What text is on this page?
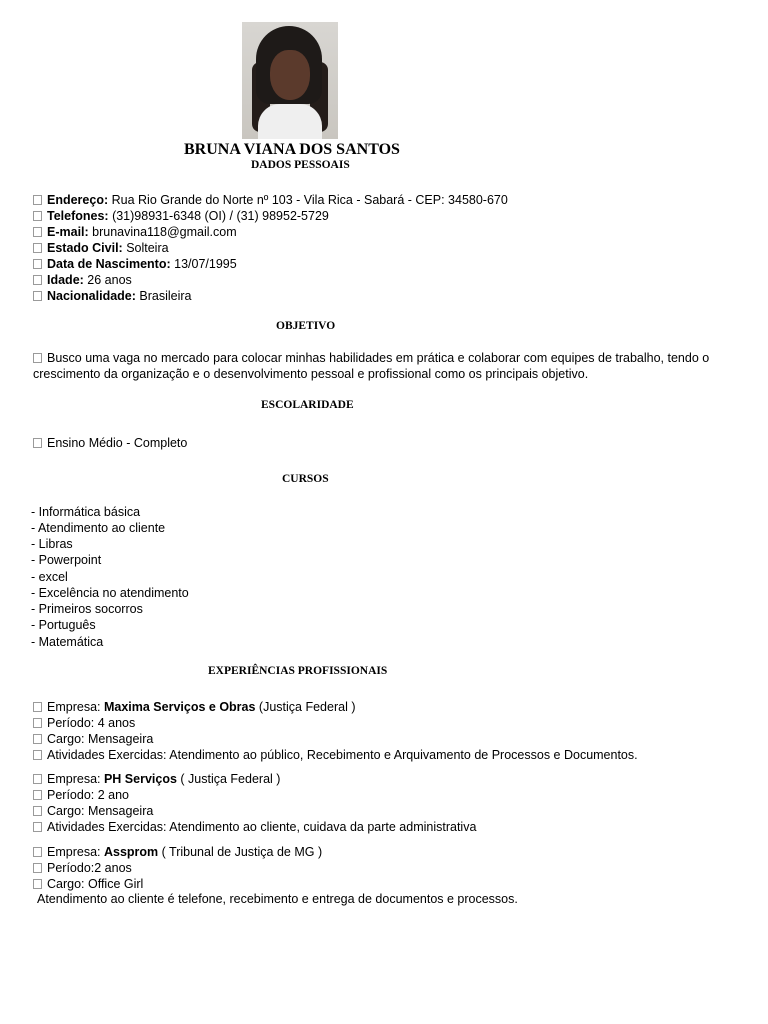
BRUNA VIANA DOS SANTOS
DADOS PESSOAIS
Endereço: Rua Rio Grande do Norte nº 103 - Vila Rica - Sabará - CEP: 34580-670
Telefones: (31)98931-6348 (OI) / (31) 98952-5729
E-mail: brunavina118@gmail.com
Estado Civil: Solteira
Data de Nascimento: 13/07/1995
Idade: 26 anos
Nacionalidade: Brasileira
OBJETIVO
Busco uma vaga no mercado para colocar minhas habilidades em prática e colaborar com equipes de trabalho, tendo o crescimento da organização e o desenvolvimento pessoal e profissional como os principais objetivo.
ESCOLARIDADE
Ensino Médio - Completo
CURSOS
- Informática básica
- Atendimento ao cliente
- Libras
- Powerpoint
- excel
- Excelência no atendimento
- Primeiros socorros
- Português
- Matemática
EXPERIÊNCIAS PROFISSIONAIS
Empresa: Maxima Serviços e Obras (Justiça Federal )
Período: 4 anos
Cargo: Mensageira
Atividades Exercidas: Atendimento ao público, Recebimento e Arquivamento de Processos e Documentos.
Empresa: PH Serviços ( Justiça Federal )
Período: 2 ano
Cargo: Mensageira
Atividades Exercidas: Atendimento ao cliente, cuidava da parte administrativa
Empresa: Assprom ( Tribunal de Justiça de MG )
Período:2 anos
Cargo: Office Girl
Atendimento ao cliente é telefone, recebimento e entrega de documentos e processos.
